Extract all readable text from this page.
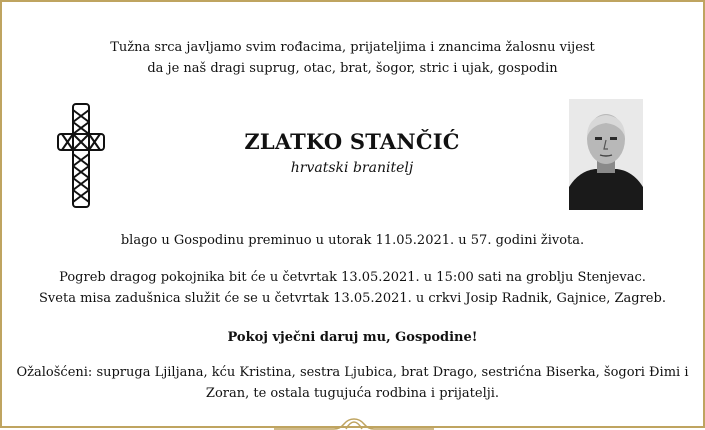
Tužna srca javljamo svim rođacima, prijateljima i znancima žalosnu vijest
da je naš dragi suprug, otac, brat, šogor, stric i ujak, gospodin
ZLATKO STANČIĆ
hrvatski branitelj
blago u Gospodinu preminuo u utorak 11.05.2021. u 57. godini života.
Pogreb dragog pokojnika bit će u četvrtak 13.05.2021. u 15:00 sati na groblju Stenjevac.
Sveta misa zadušnica služit će se u četvrtak 13.05.2021. u crkvi Josip Radnik, Gajnice, Zagreb.
Pokoj vječni daruj mu, Gospodine!
Ožalošćeni: supruga Ljiljana, kću Kristina, sestra Ljubica, brat Drago, sestrićna Biserka, šogori Đimi i
Zoran, te ostala tugujuća rodbina i prijatelji.
